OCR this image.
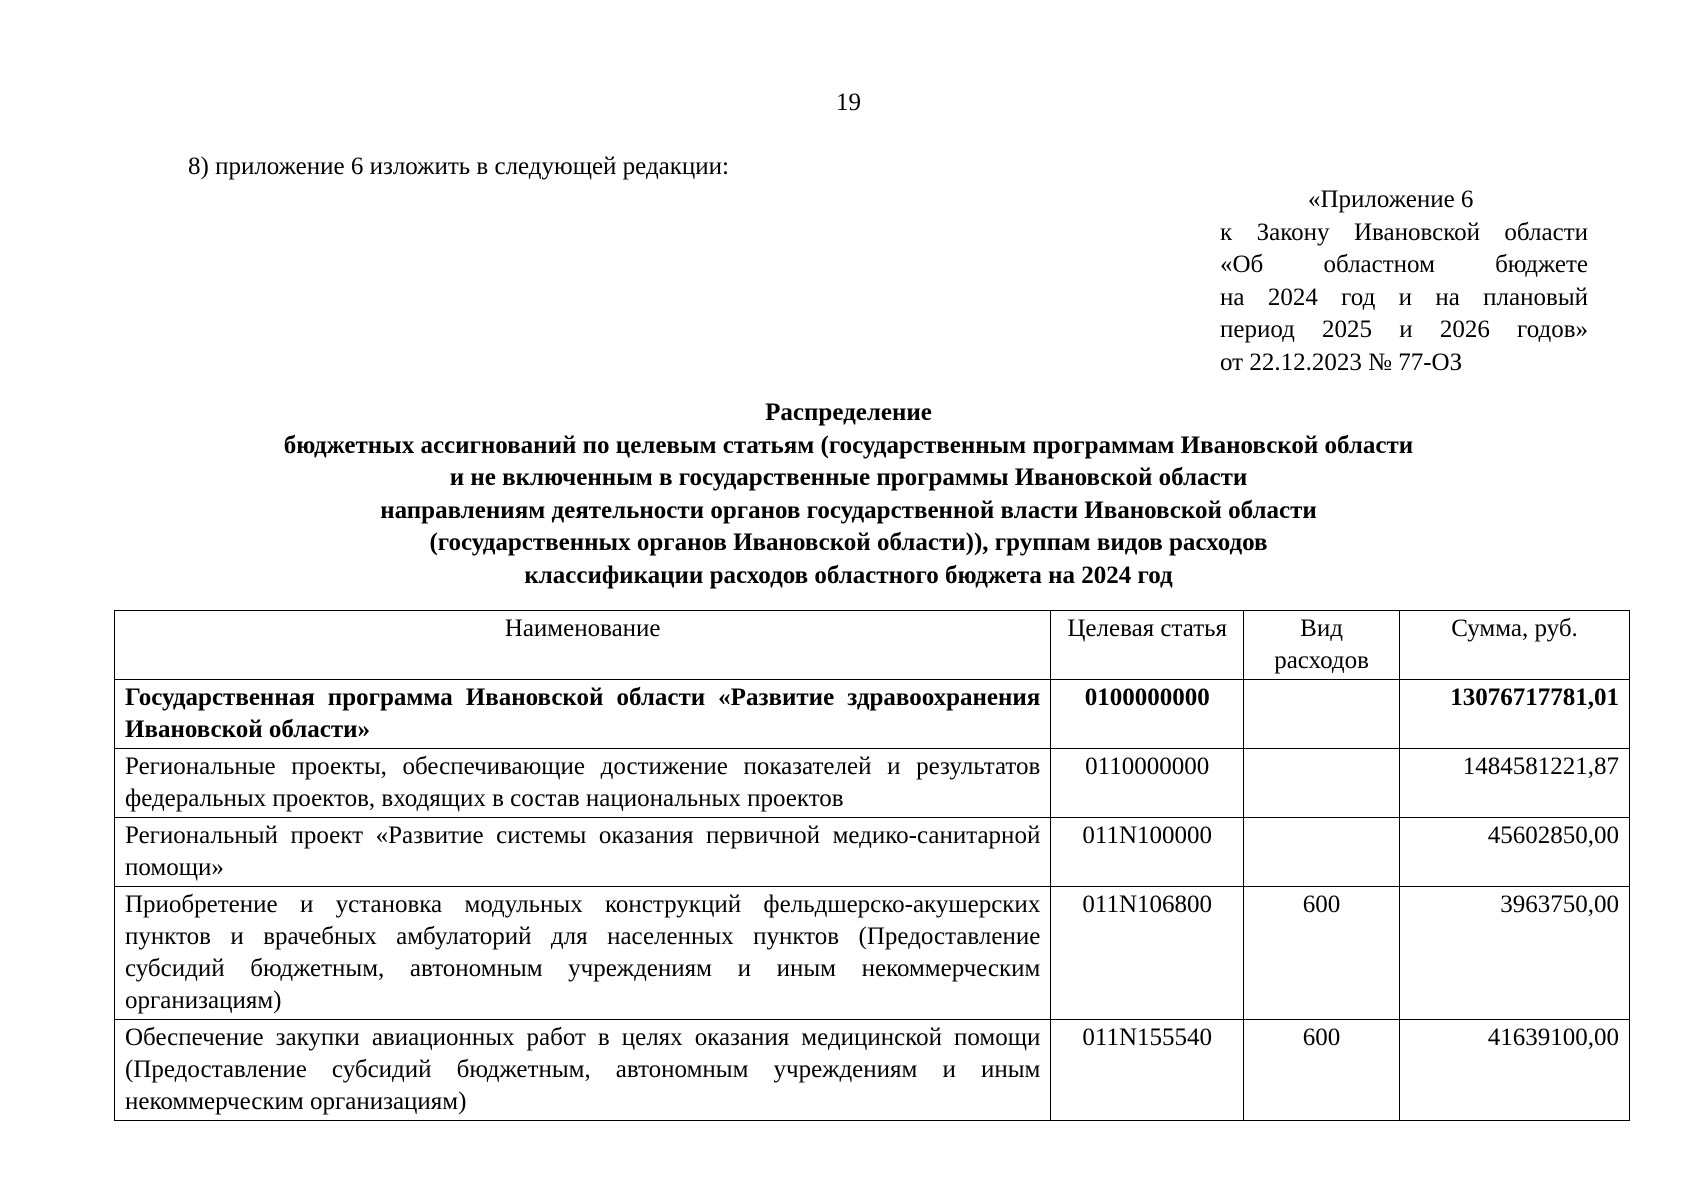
19
8) приложение 6 изложить в следующей редакции:
«Приложение 6
к Закону Ивановской области
«Об областном бюджете
на 2024 год и на плановый
период 2025 и 2026 годов»
от 22.12.2023 № 77-ОЗ
Распределение
бюджетных ассигнований по целевым статьям (государственным программам Ивановской области
и не включенным в государственные программы Ивановской области
направлениям деятельности органов государственной власти Ивановской области
(государственных органов Ивановской области)), группам видов расходов
классификации расходов областного бюджета на 2024 год
Наименование	Целевая статья	Вид расходов	Сумма, руб.
Государственная программа Ивановской области «Развитие здравоохранения Ивановской области»	0100000000		13076717781,01
Региональные проекты, обеспечивающие достижение показателей и результатов федеральных проектов, входящих в состав национальных проектов	0110000000		1484581221,87
Региональный проект «Развитие системы оказания первичной медико-санитарной помощи»	011N100000		45602850,00
Приобретение и установка модульных конструкций фельдшерско-акушерских пунктов и врачебных амбулаторий для населенных пунктов (Предоставление субсидий бюджетным, автономным учреждениям и иным некоммерческим организациям)	011N106800	600	3963750,00
Обеспечение закупки авиационных работ в целях оказания медицинской помощи (Предоставление субсидий бюджетным, автономным учреждениям и иным некоммерческим организациям)	011N155540	600	41639100,00
